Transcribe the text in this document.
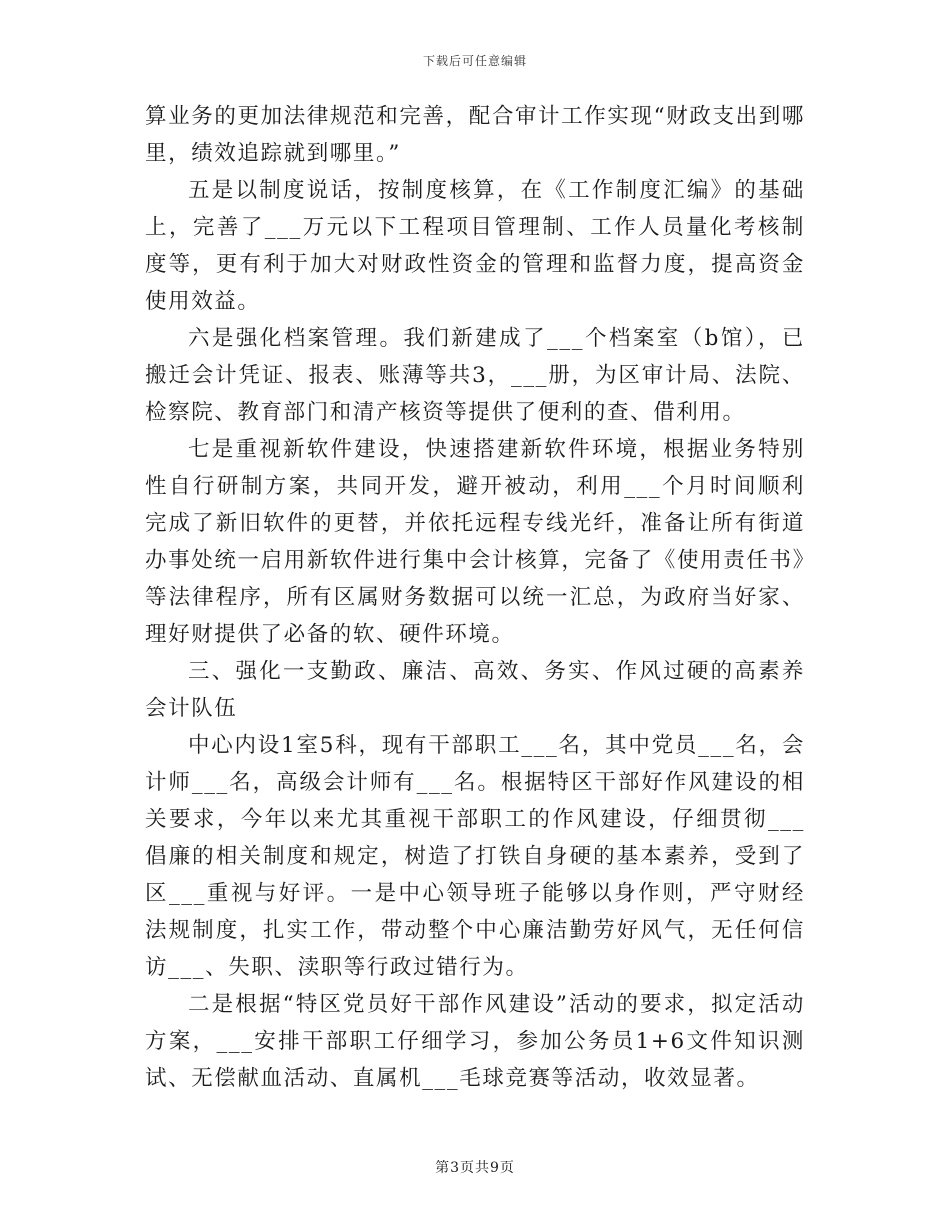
下载后可任意编辑

算业务的更加法律规范和完善，配合审计工作实现“财政支出到哪里，绩效追踪就到哪里。”

五是以制度说话，按制度核算，在《工作制度汇编》的基础上，完善了___万元以下工程项目管理制、工作人员量化考核制度等，更有利于加大对财政性资金的管理和监督力度，提高资金使用效益。

六是强化档案管理。我们新建成了___个档案室（b馆），已搬迁会计凭证、报表、账薄等共3，___册，为区审计局、法院、检察院、教育部门和清产核资等提供了便利的查、借利用。

七是重视新软件建设，快速搭建新软件环境，根据业务特别性自行研制方案，共同开发，避开被动，利用___个月时间顺利完成了新旧软件的更替，并依托远程专线光纤，准备让所有街道办事处统一启用新软件进行集中会计核算，完备了《使用责任书》等法律程序，所有区属财务数据可以统一汇总，为政府当好家、理好财提供了必备的软、硬件环境。

三、强化一支勤政、廉洁、高效、务实、作风过硬的高素养会计队伍

中心内设1室5科，现有干部职工___名，其中党员___名，会计师___名，高级会计师有___名。根据特区干部好作风建设的相关要求，今年以来尤其重视干部职工的作风建设，仔细贯彻___倡廉的相关制度和规定，树造了打铁自身硬的基本素养，受到了区___重视与好评。一是中心领导班子能够以身作则，严守财经法规制度，扎实工作，带动整个中心廉洁勤劳好风气，无任何信访___、失职、渎职等行政过错行为。

二是根据“特区党员好干部作风建设”活动的要求，拟定活动方案，___安排干部职工仔细学习，参加公务员1+6文件知识测试、无偿献血活动、直属机___毛球竞赛等活动，收效显著。

第3页共9页
